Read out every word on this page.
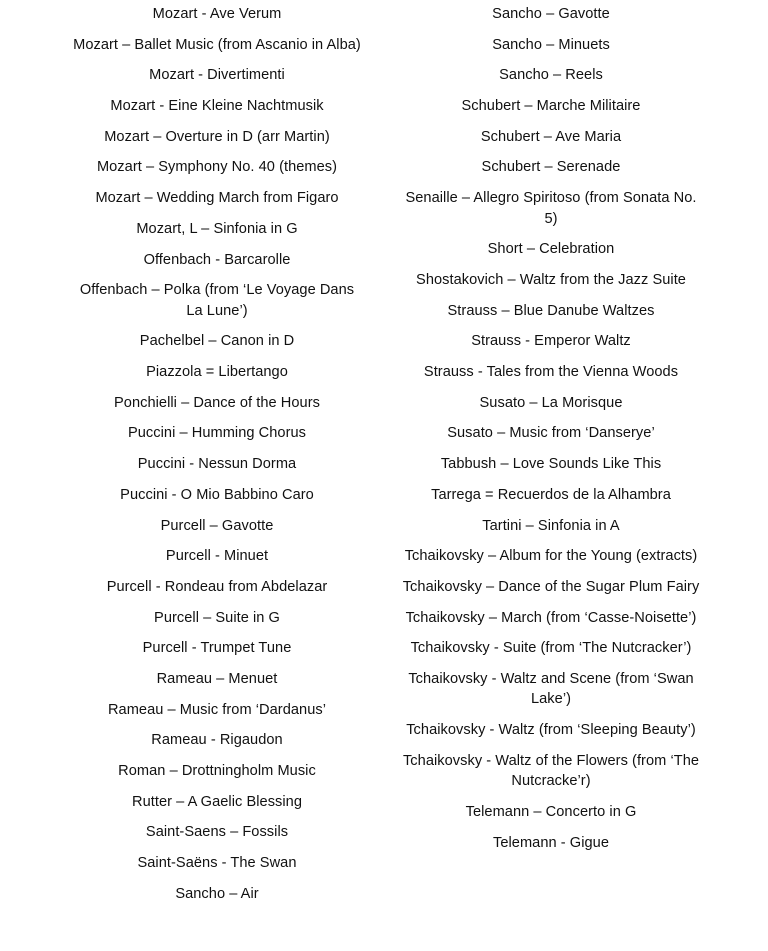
Mozart - Ave Verum
Mozart – Ballet Music (from Ascanio in Alba)
Mozart - Divertimenti
Mozart - Eine Kleine Nachtmusik
Mozart – Overture in D (arr Martin)
Mozart – Symphony No. 40 (themes)
Mozart – Wedding March from Figaro
Mozart, L – Sinfonia in G
Offenbach - Barcarolle
Offenbach – Polka (from ‘Le Voyage Dans La Lune’)
Pachelbel – Canon in D
Piazzola = Libertango
Ponchielli – Dance of the Hours
Puccini – Humming Chorus
Puccini - Nessun Dorma
Puccini - O Mio Babbino Caro
Purcell – Gavotte
Purcell - Minuet
Purcell - Rondeau from Abdelazar
Purcell – Suite in G
Purcell - Trumpet Tune
Rameau – Menuet
Rameau – Music from ‘Dardanus’
Rameau - Rigaudon
Roman – Drottningholm Music
Rutter – A Gaelic Blessing
Saint-Saens – Fossils
Saint-Saëns - The Swan
Sancho – Air
Sancho – Gavotte
Sancho – Minuets
Sancho – Reels
Schubert – Marche Militaire
Schubert – Ave Maria
Schubert – Serenade
Senaille – Allegro Spiritoso (from Sonata No. 5)
Short – Celebration
Shostakovich – Waltz from the Jazz Suite
Strauss – Blue Danube Waltzes
Strauss - Emperor Waltz
Strauss - Tales from the Vienna Woods
Susato – La Morisque
Susato – Music from ‘Danserye’
Tabbush – Love Sounds Like This
Tarrega = Recuerdos de la Alhambra
Tartini – Sinfonia in A
Tchaikovsky – Album for the Young (extracts)
Tchaikovsky – Dance of the Sugar Plum Fairy
Tchaikovsky – March (from ‘Casse-Noisette’)
Tchaikovsky - Suite (from ‘The Nutcracker’)
Tchaikovsky - Waltz and Scene (from ‘Swan Lake’)
Tchaikovsky - Waltz (from ‘Sleeping Beauty’)
Tchaikovsky - Waltz of the Flowers (from ‘The Nutcracke’r)
Telemann – Concerto in G
Telemann - Gigue
